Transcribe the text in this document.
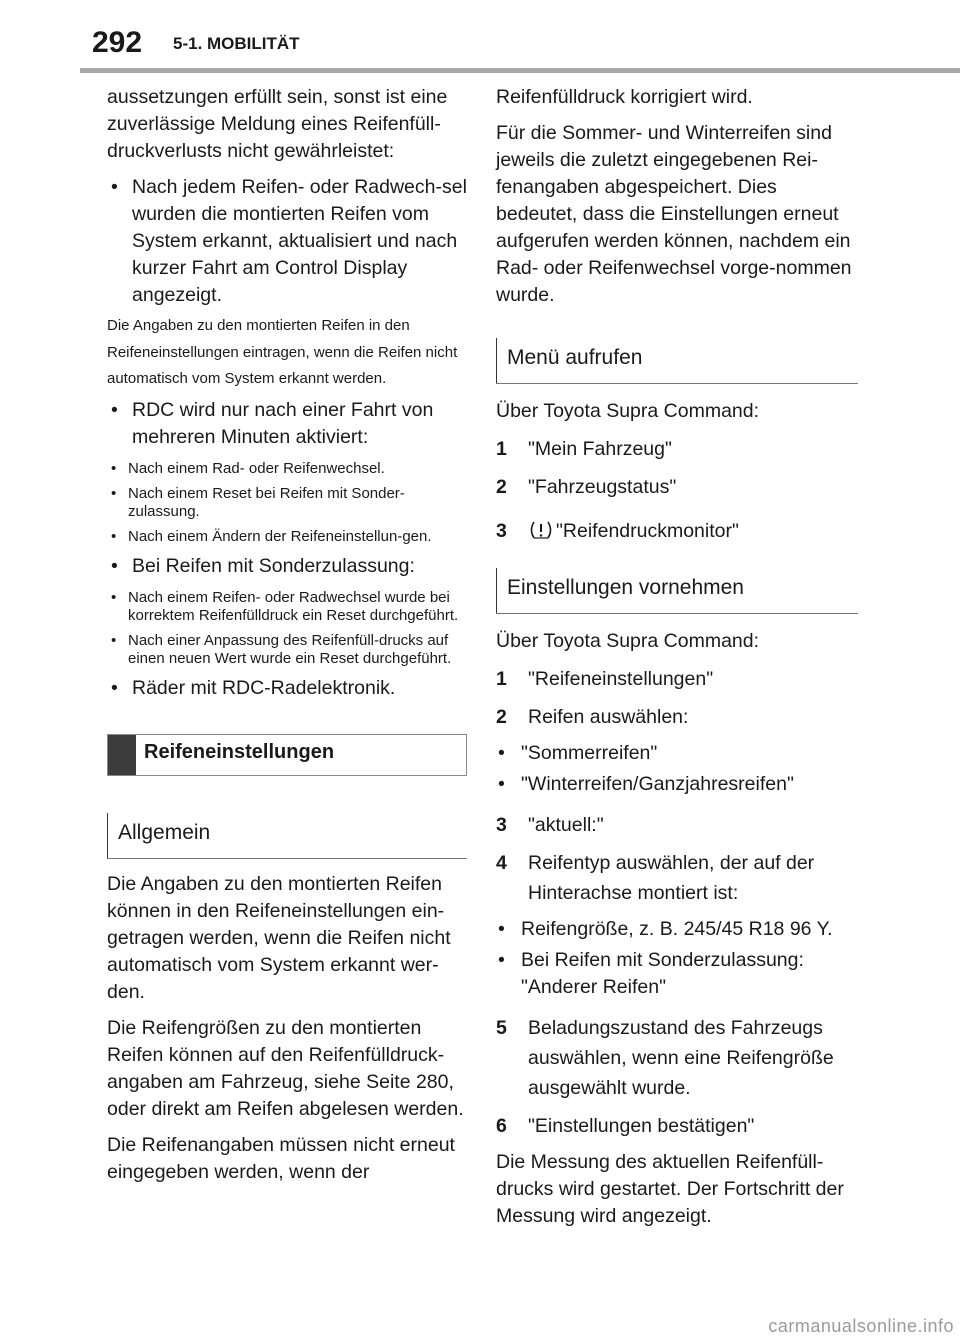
292 5-1. MOBILITÄT

aussetzungen erfüllt sein, sonst ist eine zuverlässige Meldung eines Reifenfüll-druckverlusts nicht gewährleistet:

• Nach jedem Reifen- oder Radwech-sel wurden die montierten Reifen vom System erkannt, aktualisiert und nach kurzer Fahrt am Control Display angezeigt.

Die Angaben zu den montierten Reifen in den Reifeneinstellungen eintragen, wenn die Reifen nicht automatisch vom System erkannt werden.

• RDC wird nur nach einer Fahrt von mehreren Minuten aktiviert:
• Nach einem Rad- oder Reifenwechsel.
• Nach einem Reset bei Reifen mit Sonder-zulassung.
• Nach einem Ändern der Reifeneinstellun-gen.
• Bei Reifen mit Sonderzulassung:
• Nach einem Reifen- oder Radwechsel wurde bei korrektem Reifenfülldruck ein Reset durchgeführt.
• Nach einer Anpassung des Reifenfüll-drucks auf einen neuen Wert wurde ein Reset durchgeführt.
• Räder mit RDC-Radelektronik.
Reifeneinstellungen
Allgemein

Die Angaben zu den montierten Reifen können in den Reifeneinstellungen ein-getragen werden, wenn die Reifen nicht automatisch vom System erkannt wer-den.

Die Reifengrößen zu den montierten Reifen können auf den Reifenfülldruck-angaben am Fahrzeug, siehe Seite 280, oder direkt am Reifen abgelesen werden.

Die Reifenangaben müssen nicht erneut eingegeben werden, wenn der

Reifenfülldruck korrigiert wird.

Für die Sommer- und Winterreifen sind jeweils die zuletzt eingegebenen Rei-fenangaben abgespeichert. Dies bedeutet, dass die Einstellungen erneut aufgerufen werden können, nachdem ein Rad- oder Reifenwechsel vorge-nommen wurde.

Menü aufrufen

Über Toyota Supra Command:

1	"Mein Fahrzeug"
2	"Fahrzeugstatus"
3	"Reifendruckmonitor"
Einstellungen vornehmen

Über Toyota Supra Command:

1	"Reifeneinstellungen"
2	Reifen auswählen:
• "Sommerreifen"
• "Winterreifen/Ganzjahresreifen"
3	"aktuell:"
4	Reifentyp auswählen, der auf der Hinterachse montiert ist:
• Reifengröße, z. B. 245/45 R18 96 Y.
• Bei Reifen mit Sonderzulassung: "Anderer Reifen"
5	Beladungszustand des Fahrzeugs auswählen, wenn eine Reifengröße ausgewählt wurde.
6	"Einstellungen bestätigen"

Die Messung des aktuellen Reifenfüll-drucks wird gestartet. Der Fortschritt der Messung wird angezeigt.

carmanualsonline.info
